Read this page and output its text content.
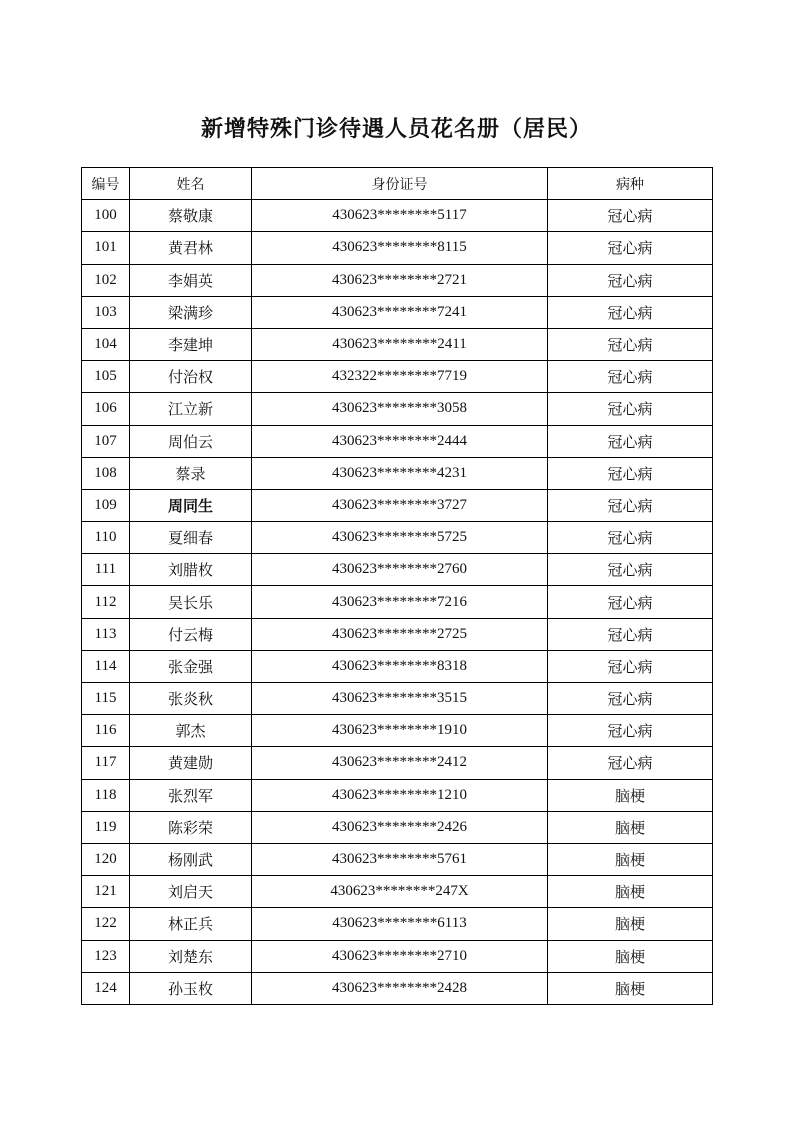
新增特殊门诊待遇人员花名册（居民）
编号	姓名	身份证号	病种
100	蔡敬康	430623********5117	冠心病
101	黄君林	430623********8115	冠心病
102	李娟英	430623********2721	冠心病
103	梁满珍	430623********7241	冠心病
104	李建坤	430623********2411	冠心病
105	付治权	432322********7719	冠心病
106	江立新	430623********3058	冠心病
107	周伯云	430623********2444	冠心病
108	蔡录	430623********4231	冠心病
109	周同生	430623********3727	冠心病
110	夏细春	430623********5725	冠心病
111	刘腊枚	430623********2760	冠心病
112	吴长乐	430623********7216	冠心病
113	付云梅	430623********2725	冠心病
114	张金强	430623********8318	冠心病
115	张炎秋	430623********3515	冠心病
116	郭杰	430623********1910	冠心病
117	黄建勋	430623********2412	冠心病
118	张烈军	430623********1210	脑梗
119	陈彩荣	430623********2426	脑梗
120	杨刚武	430623********5761	脑梗
121	刘启天	430623********247X	脑梗
122	林正兵	430623********6113	脑梗
123	刘楚东	430623********2710	脑梗
124	孙玉枚	430623********2428	脑梗
